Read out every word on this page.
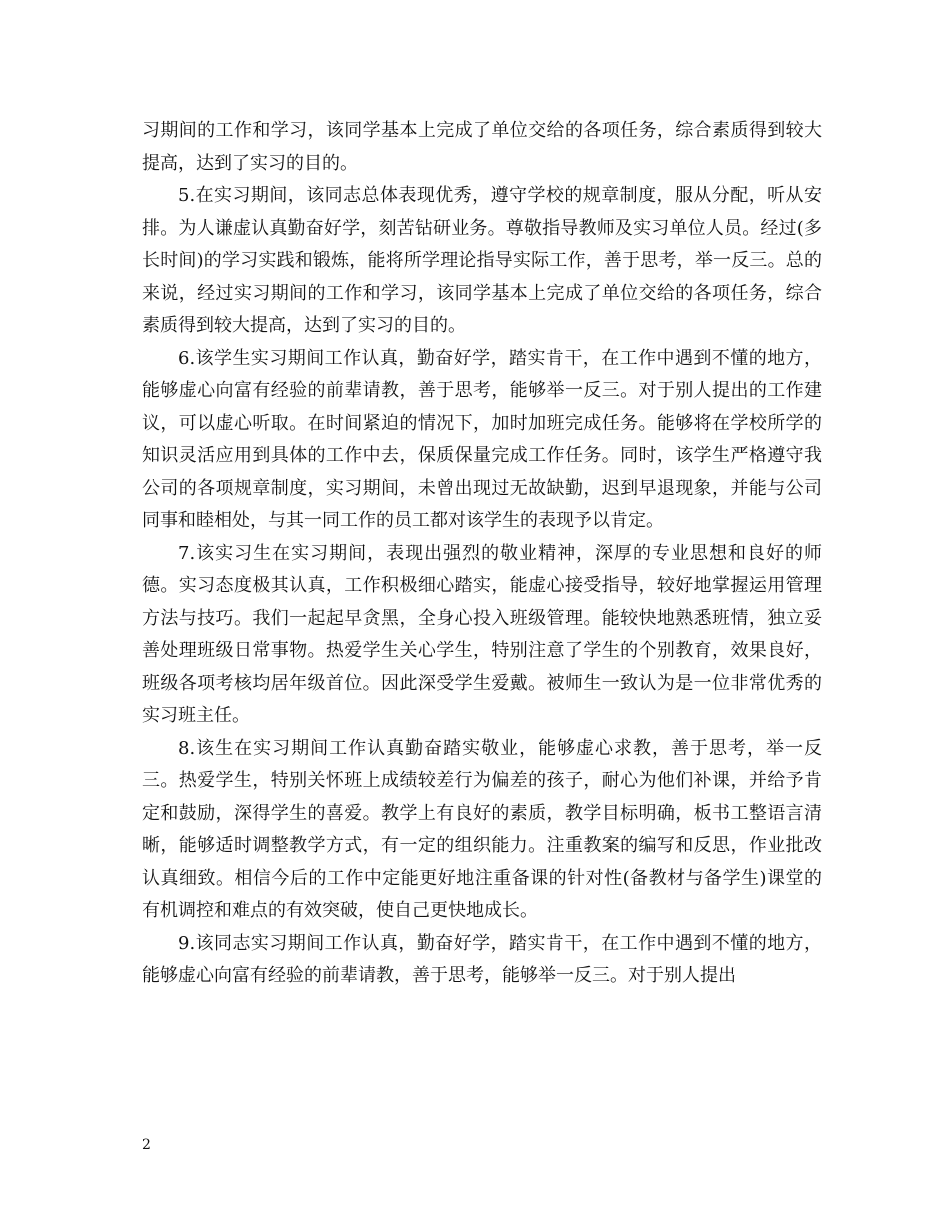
习期间的工作和学习，该同学基本上完成了单位交给的各项任务，综合素质得到较大提高，达到了实习的目的。

5.在实习期间，该同志总体表现优秀，遵守学校的规章制度，服从分配，听从安排。为人谦虚认真勤奋好学，刻苦钻研业务。尊敬指导教师及实习单位人员。经过(多长时间)的学习实践和锻炼，能将所学理论指导实际工作，善于思考，举一反三。总的来说，经过实习期间的工作和学习，该同学基本上完成了单位交给的各项任务，综合素质得到较大提高，达到了实习的目的。

6.该学生实习期间工作认真，勤奋好学，踏实肯干，在工作中遇到不懂的地方，能够虚心向富有经验的前辈请教，善于思考，能够举一反三。对于别人提出的工作建议，可以虚心听取。在时间紧迫的情况下，加时加班完成任务。能够将在学校所学的知识灵活应用到具体的工作中去，保质保量完成工作任务。同时，该学生严格遵守我公司的各项规章制度，实习期间，未曾出现过无故缺勤，迟到早退现象，并能与公司同事和睦相处，与其一同工作的员工都对该学生的表现予以肯定。

7.该实习生在实习期间，表现出强烈的敬业精神，深厚的专业思想和良好的师德。实习态度极其认真，工作积极细心踏实，能虚心接受指导，较好地掌握运用管理方法与技巧。我们一起起早贪黑，全身心投入班级管理。能较快地熟悉班情，独立妥善处理班级日常事物。热爱学生关心学生，特别注意了学生的个别教育，效果良好，班级各项考核均居年级首位。因此深受学生爱戴。被师生一致认为是一位非常优秀的实习班主任。

8.该生在实习期间工作认真勤奋踏实敬业，能够虚心求教，善于思考，举一反三。热爱学生，特别关怀班上成绩较差行为偏差的孩子，耐心为他们补课，并给予肯定和鼓励，深得学生的喜爱。教学上有良好的素质，教学目标明确，板书工整语言清晰，能够适时调整教学方式，有一定的组织能力。注重教案的编写和反思，作业批改认真细致。相信今后的工作中定能更好地注重备课的针对性(备教材与备学生)课堂的有机调控和难点的有效突破，使自己更快地成长。

9.该同志实习期间工作认真，勤奋好学，踏实肯干，在工作中遇到不懂的地方，能够虚心向富有经验的前辈请教，善于思考，能够举一反三。对于别人提出

2
